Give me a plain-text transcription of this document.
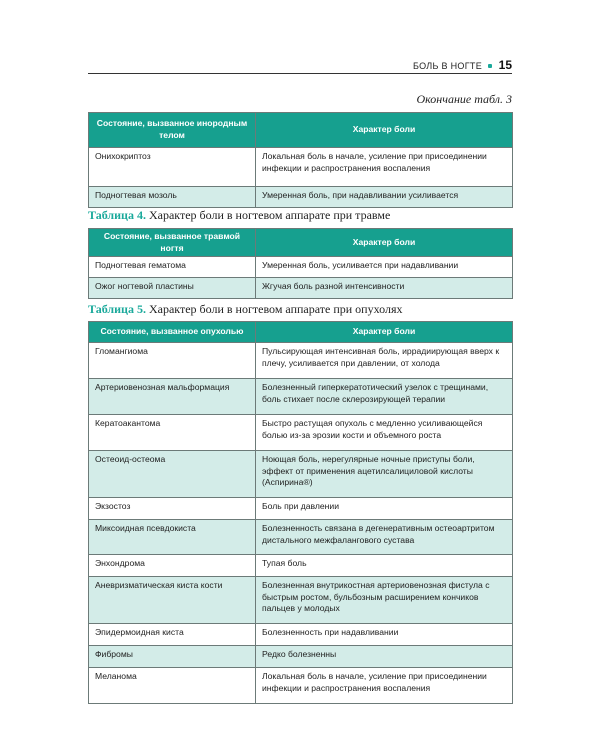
БОЛЬ В НОГТЕ 15
Окончание табл. 3
Состояние, вызванное инородным телом	Характер боли
Онихокриптоз	Локальная боль в начале, усиление при присоединении инфекции и распространения воспаления
Подногтевая мозоль	Умеренная боль, при надавливании усиливается
Таблица 4. Характер боли в ногтевом аппарате при травме
Состояние, вызванное травмой ногтя	Характер боли
Подногтевая гематома	Умеренная боль, усиливается при надавливании
Ожог ногтевой пластины	Жгучая боль разной интенсивности
Таблица 5. Характер боли в ногтевом аппарате при опухолях
Состояние, вызванное опухолью	Характер боли
Гломангиома	Пульсирующая интенсивная боль, иррадиирующая вверх к плечу, усиливается при давлении, от холода
Артериовенозная мальформация	Болезненный гиперкератотический узелок с трещинами, боль стихает после склерозирующей терапии
Кератоакантома	Быстро растущая опухоль с медленно усиливающейся болью из-за эрозии кости и объемного роста
Остеоид-остеома	Ноющая боль, нерегулярные ночные приступы боли, эффект от применения ацетилсалициловой кислоты (Аспирина®)
Экзостоз	Боль при давлении
Миксоидная псевдокиста	Болезненность связана в дегенеративным остеоартритом дистального межфалангового сустава
Энхондрома	Тупая боль
Аневризматическая киста кости	Болезненная внутрикостная артериовенозная фистула с быстрым ростом, бульбозным расширением кончиков пальцев у молодых
Эпидермоидная киста	Болезненность при надавливании
Фибромы	Редко болезненны
Меланома	Локальная боль в начале, усиление при присоединении инфекции и распространения воспаления
